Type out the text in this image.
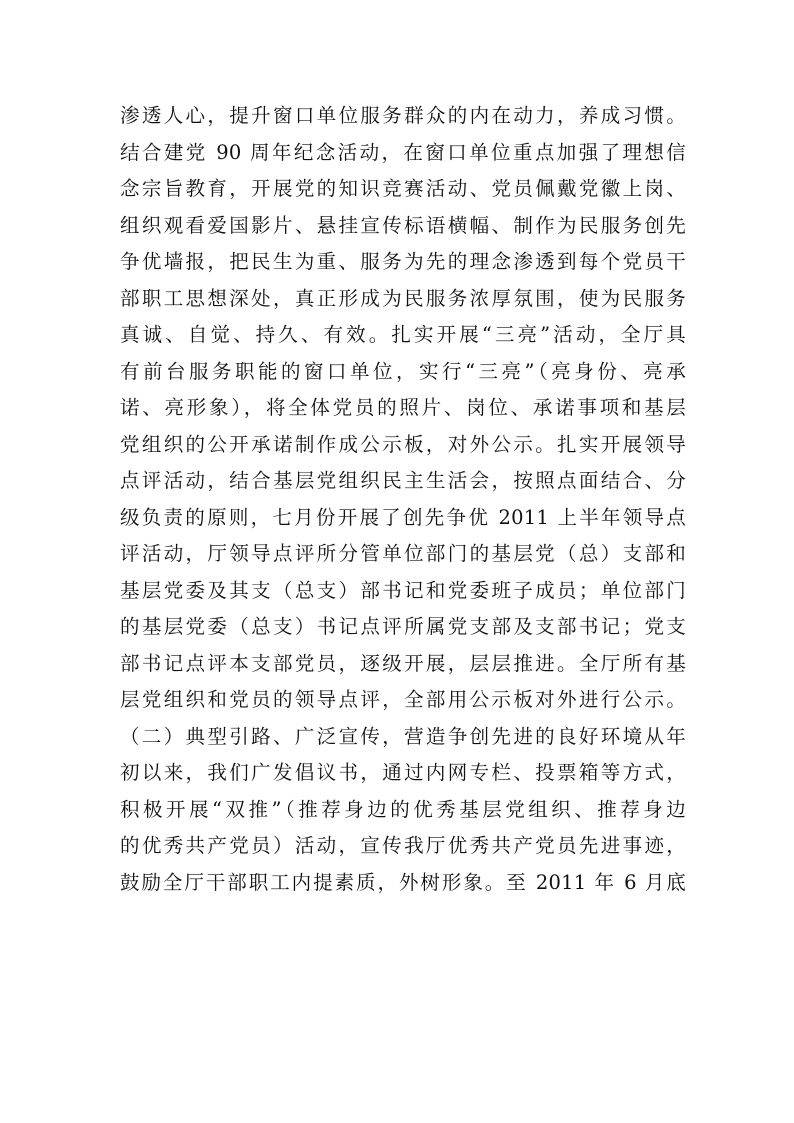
渗透人心，提升窗口单位服务群众的内在动力，养成习惯。
结合建党 90 周年纪念活动，在窗口单位重点加强了理想信
念宗旨教育，开展党的知识竞赛活动、党员佩戴党徽上岗、
组织观看爱国影片、悬挂宣传标语横幅、制作为民服务创先
争优墙报，把民生为重、服务为先的理念渗透到每个党员干
部职工思想深处，真正形成为民服务浓厚氛围，使为民服务
真诚、自觉、持久、有效。扎实开展“三亮”活动，全厅具
有前台服务职能的窗口单位，实行“三亮”（亮身份、亮承
诺、亮形象），将全体党员的照片、岗位、承诺事项和基层
党组织的公开承诺制作成公示板，对外公示。扎实开展领导
点评活动，结合基层党组织民主生活会，按照点面结合、分
级负责的原则，七月份开展了创先争优 2011 上半年领导点
评活动，厅领导点评所分管单位部门的基层党（总）支部和
基层党委及其支（总支）部书记和党委班子成员；单位部门
的基层党委（总支）书记点评所属党支部及支部书记；党支
部书记点评本支部党员，逐级开展，层层推进。全厅所有基
层党组织和党员的领导点评，全部用公示板对外进行公示。
（二）典型引路、广泛宣传，营造争创先进的良好环境从年
初以来，我们广发倡议书，通过内网专栏、投票箱等方式，
积极开展“双推”（推荐身边的优秀基层党组织、推荐身边
的优秀共产党员）活动，宣传我厅优秀共产党员先进事迹，
鼓励全厅干部职工内提素质，外树形象。至 2011 年 6 月底
